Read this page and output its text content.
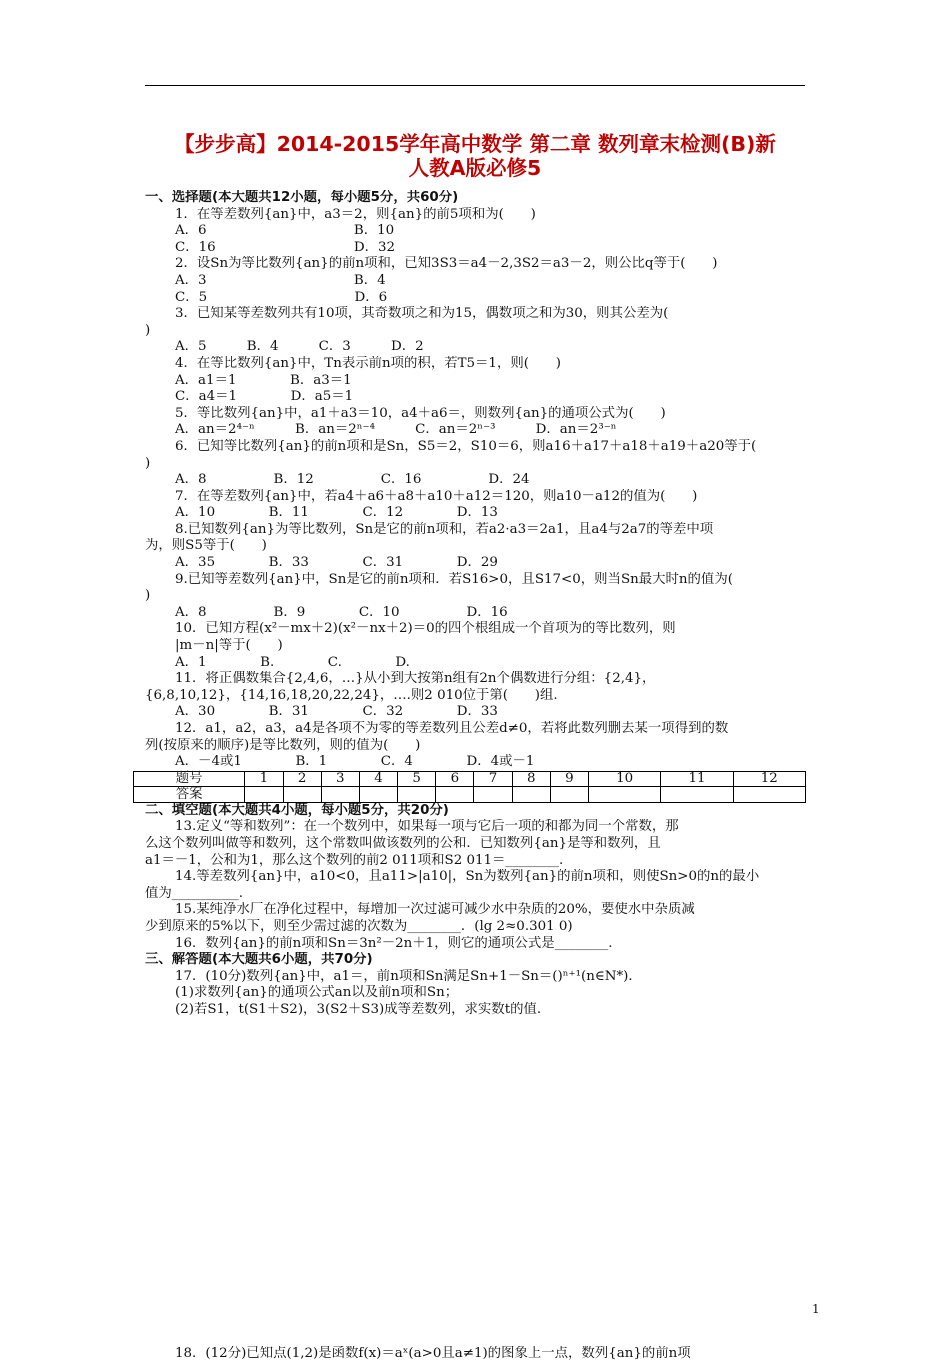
【步步高】2014-2015学年高中数学 第二章 数列章末检测(B)新
人教A版必修5
一、选择题(本大题共12小题，每小题5分，共60分)
1．在等差数列{an}中，a3＝2，则{an}的前5项和为(　　)
A．6　　　　　　　　　　　B．10
C．16　　　　　　　　　　 D．32
2．设Sn为等比数列{an}的前n项和，已知3S3＝a4－2,3S2＝a3－2，则公比q等于(　　)
A．3　　　　　　　　　　　B．4
C．5　　　　　　　　　　　D．6
3．已知某等差数列共有10项，其奇数项之和为15，偶数项之和为30，则其公差为(
)
A．5　　　B．4　　　C．3　　　D．2
4．在等比数列{an}中，Tn表示前n项的积，若T5＝1，则(　　)
A．a1＝1　　　　B．a3＝1
C．a4＝1　　　　D．a5＝1
5．等比数列{an}中，a1＋a3＝10，a4＋a6＝，则数列{an}的通项公式为(　　)
A．an＝2⁴⁻ⁿ　　　B．an＝2ⁿ⁻⁴　　　C．an＝2ⁿ⁻³　　　D．an＝2³⁻ⁿ
6．已知等比数列{an}的前n项和是Sn，S5＝2，S10＝6，则a16＋a17＋a18＋a19＋a20等于(
)
A．8　　　　　B．12　　　　　C．16　　　　　D．24
7．在等差数列{an}中，若a4＋a6＋a8＋a10＋a12＝120，则a10－a12的值为(　　)
A．10　　　　B．11　　　　C．12　　　　D．13
8.已知数列{an}为等比数列，Sn是它的前n项和，若a2·a3＝2a1，且a4与2a7的等差中项
为，则S5等于(　　)
A．35　　　　B．33　　　　C．31　　　　D．29
9.已知等差数列{an}中，Sn是它的前n项和．若S16>0，且S17<0，则当Sn最大时n的值为(
)
A．8　　　　　B．9　　　　C．10　　　　　D．16
10．已知方程(x²－mx＋2)(x²－nx＋2)＝0的四个根组成一个首项为的等比数列，则
|m－n|等于(　　)
A．1　　　　B.　　　　C.　　　　D.
11．将正偶数集合{2,4,6，…}从小到大按第n组有2n个偶数进行分组：{2,4}，
{6,8,10,12}，{14,16,18,20,22,24}，….则2 010位于第(　　)组.
A．30　　　　B．31　　　　C．32　　　　D．33
12．a1，a2，a3，a4是各项不为零的等差数列且公差d≠0，若将此数列删去某一项得到的数
列(按原来的顺序)是等比数列，则的值为(　　)
A．－4或1　　　　B．1　　　　C．4　　　　D．4或－1
题号	1	2	3	4	5	6	7	8	9	10	11	12
答案												
二、填空题(本大题共4小题，每小题5分，共20分)
13.定义“等和数列”：在一个数列中，如果每一项与它后一项的和都为同一个常数，那
么这个数列叫做等和数列，这个常数叫做该数列的公和．已知数列{an}是等和数列，且
a1＝－1，公和为1，那么这个数列的前2 011项和S2 011＝________.
14.等差数列{an}中，a10<0，且a11>|a10|，Sn为数列{an}的前n项和，则使Sn>0的n的最小
值为__________.
15.某纯净水厂在净化过程中，每增加一次过滤可减少水中杂质的20%，要使水中杂质减
少到原来的5%以下，则至少需过滤的次数为________．(lg 2≈0.301 0)
16．数列{an}的前n项和Sn＝3n²－2n＋1，则它的通项公式是________.
三、解答题(本大题共6小题，共70分)
17．(10分)数列{an}中，a1＝，前n项和Sn满足Sn+1－Sn＝()ⁿ⁺¹(n∈N*)．
(1)求数列{an}的通项公式an以及前n项和Sn；
(2)若S1，t(S1＋S2)，3(S2＋S3)成等差数列，求实数t的值.
18．(12分)已知点(1,2)是函数f(x)＝aˣ(a>0且a≠1)的图象上一点，数列{an}的前n项
1
